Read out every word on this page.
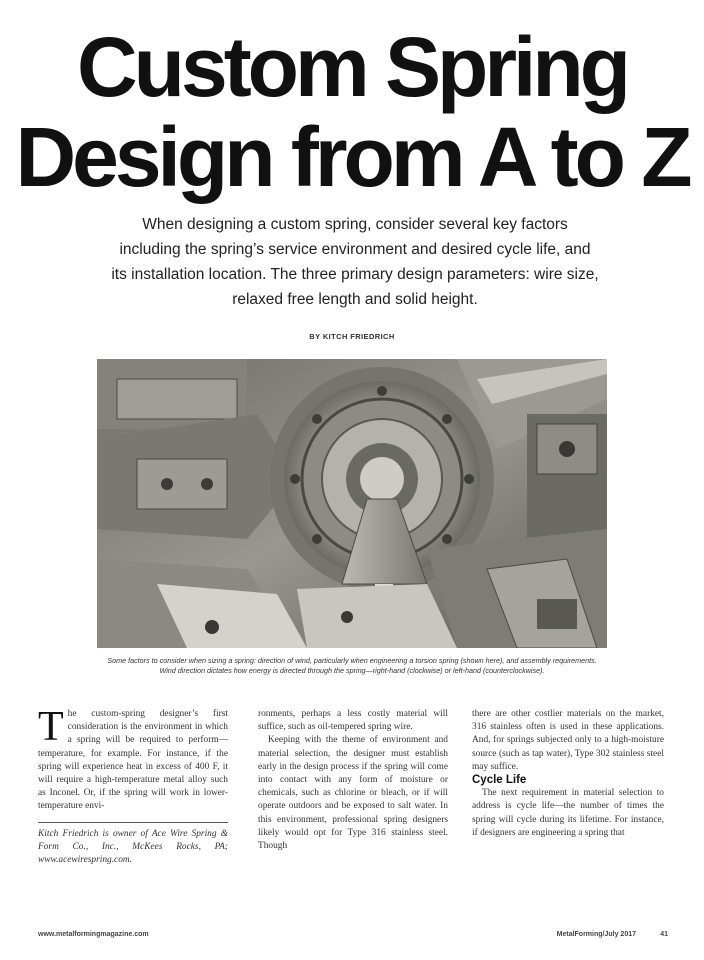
Custom Spring
Design from A to Z
When designing a custom spring, consider several key factors including the spring’s service environment and desired cycle life, and its installation location. The three primary design parameters: wire size, relaxed free length and solid height.
BY KITCH FRIEDRICH
Some factors to consider when sizing a spring: direction of wind, particularly when engineering a torsion spring (shown here), and assembly requirements. Wind direction dictates how energy is directed through the spring—right-hand (clockwise) or left-hand (counterclockwise).

The custom-spring designer’s first consideration is the environment in which a spring will be required to perform—temperature, for example. For instance, if the spring will experience heat in excess of 400 F, it will require a high-temperature metal alloy such as Inconel. Or, if the spring will work in lower-temperature envi-

Kitch Friedrich is owner of Ace Wire Spring & Form Co., Inc., McKees Rocks, PA; www.acewirespring.com.

ronments, perhaps a less costly material will suffice, such as oil-tempered spring wire.

Keeping with the theme of environment and material selection, the designer must establish early in the design process if the spring will come into contact with any form of moisture or chemicals, such as chlorine or bleach, or if will operate outdoors and be exposed to salt water. In this environment, professional spring designers likely would opt for Type 316 stainless steel. Though

there are other costlier materials on the market, 316 stainless often is used in these applications. And, for springs subjected only to a high-moisture source (such as tap water), Type 302 stainless steel may suffice.

Cycle Life

The next requirement in material selection to address is cycle life—the number of times the spring will cycle during its lifetime. For instance, if designers are engineering a spring that

www.metalformingmagazine.com	MetalForming/July 2017	41
